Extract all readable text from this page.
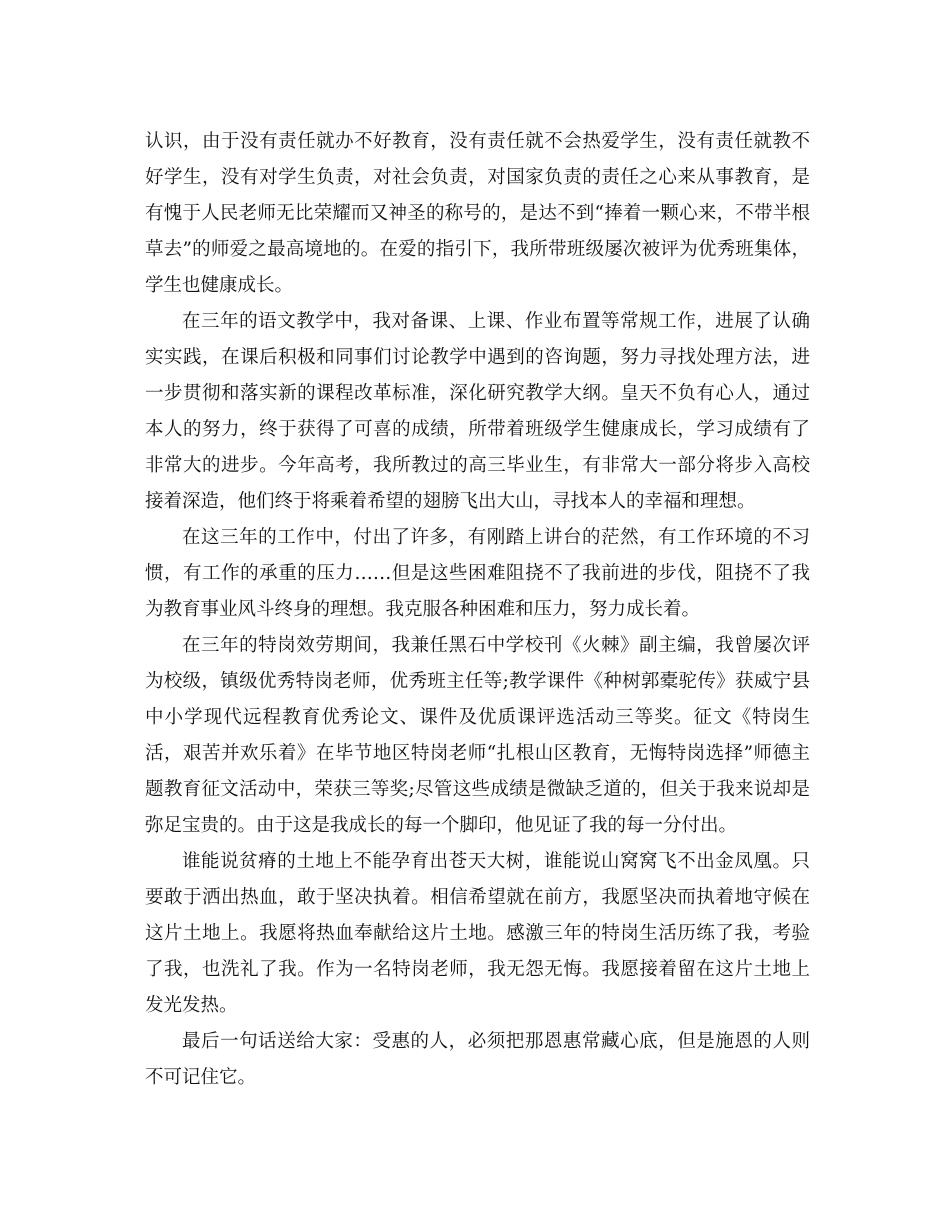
认识，由于没有责任就办不好教育，没有责任就不会热爱学生，没有责任就教不好学生，没有对学生负责，对社会负责，对国家负责的责任之心来从事教育，是有愧于人民老师无比荣耀而又神圣的称号的，是达不到“捧着一颗心来，不带半根草去”的师爱之最高境地的。在爱的指引下，我所带班级屡次被评为优秀班集体，学生也健康成长。

在三年的语文教学中，我对备课、上课、作业布置等常规工作，进展了认确实实践，在课后积极和同事们讨论教学中遇到的咨询题，努力寻找处理方法，进一步贯彻和落实新的课程改革标准，深化研究教学大纲。皇天不负有心人，通过本人的努力，终于获得了可喜的成绩，所带着班级学生健康成长，学习成绩有了非常大的进步。今年高考，我所教过的高三毕业生，有非常大一部分将步入高校接着深造，他们终于将乘着希望的翅膀飞出大山，寻找本人的幸福和理想。

在这三年的工作中，付出了许多，有刚踏上讲台的茫然，有工作环境的不习惯，有工作的承重的压力……但是这些困难阻挠不了我前进的步伐，阻挠不了我为教育事业风斗终身的理想。我克服各种困难和压力，努力成长着。

在三年的特岗效劳期间，我兼任黑石中学校刊《火棘》副主编，我曾屡次评为校级，镇级优秀特岗老师，优秀班主任等;教学课件《种树郭橐驼传》获威宁县中小学现代远程教育优秀论文、课件及优质课评选活动三等奖。征文《特岗生活，艰苦并欢乐着》在毕节地区特岗老师“扎根山区教育，无悔特岗选择”师德主题教育征文活动中，荣获三等奖;尽管这些成绩是微缺乏道的，但关于我来说却是弥足宝贵的。由于这是我成长的每一个脚印，他见证了我的每一分付出。

谁能说贫瘠的土地上不能孕育出苍天大树，谁能说山窝窝飞不出金凤凰。只要敢于洒出热血，敢于坚决执着。相信希望就在前方，我愿坚决而执着地守候在这片土地上。我愿将热血奉献给这片土地。感激三年的特岗生活历练了我，考验了我，也洗礼了我。作为一名特岗老师，我无怨无悔。我愿接着留在这片土地上发光发热。

最后一句话送给大家：受惠的人，必须把那恩惠常藏心底，但是施恩的人则不可记住它。
